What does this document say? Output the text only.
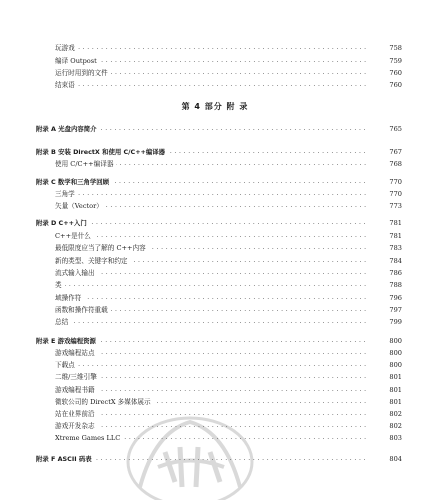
. . .
玩游戏	758
. . .
编译 Outpost	759
. . .
运行时用到的文件	760
. . .
结束语	760
第 4 部分 附 录
. . .
附录 A 光盘内容简介	765
. . .
附录 B 安装 DirectX 和使用 C/C++编译器	767
. . .
使用 C/C++编译器	768
. . .
附录 C 数学和三角学回顾	770
. . .
三角学	770
. . .
矢量（Vector）	773
. . .
附录 D C++入门	781
. . .
C++是什么	781
. . .
最低限度应当了解的 C++内容	783
. . .
新的类型、关键字和约定	784
. . .
流式输入输出	786
. . .
类	788
. . .
域操作符	796
. . .
函数和操作符重载	797
. . .
总结	799
. . .
附录 E 游戏编程资源	800
. . .
游戏编程站点	800
. . .
下载点	800
. . .
二维/三维引擎	801
. . .
游戏编程书籍	801
. . .
微软公司的 DirectX 多媒体展示	801
. . .
站在业界前沿	802
. . .
游戏开发杂志	802
. . .
Xtreme Games LLC	803
. . .
附录 F ASCII 码表	804
